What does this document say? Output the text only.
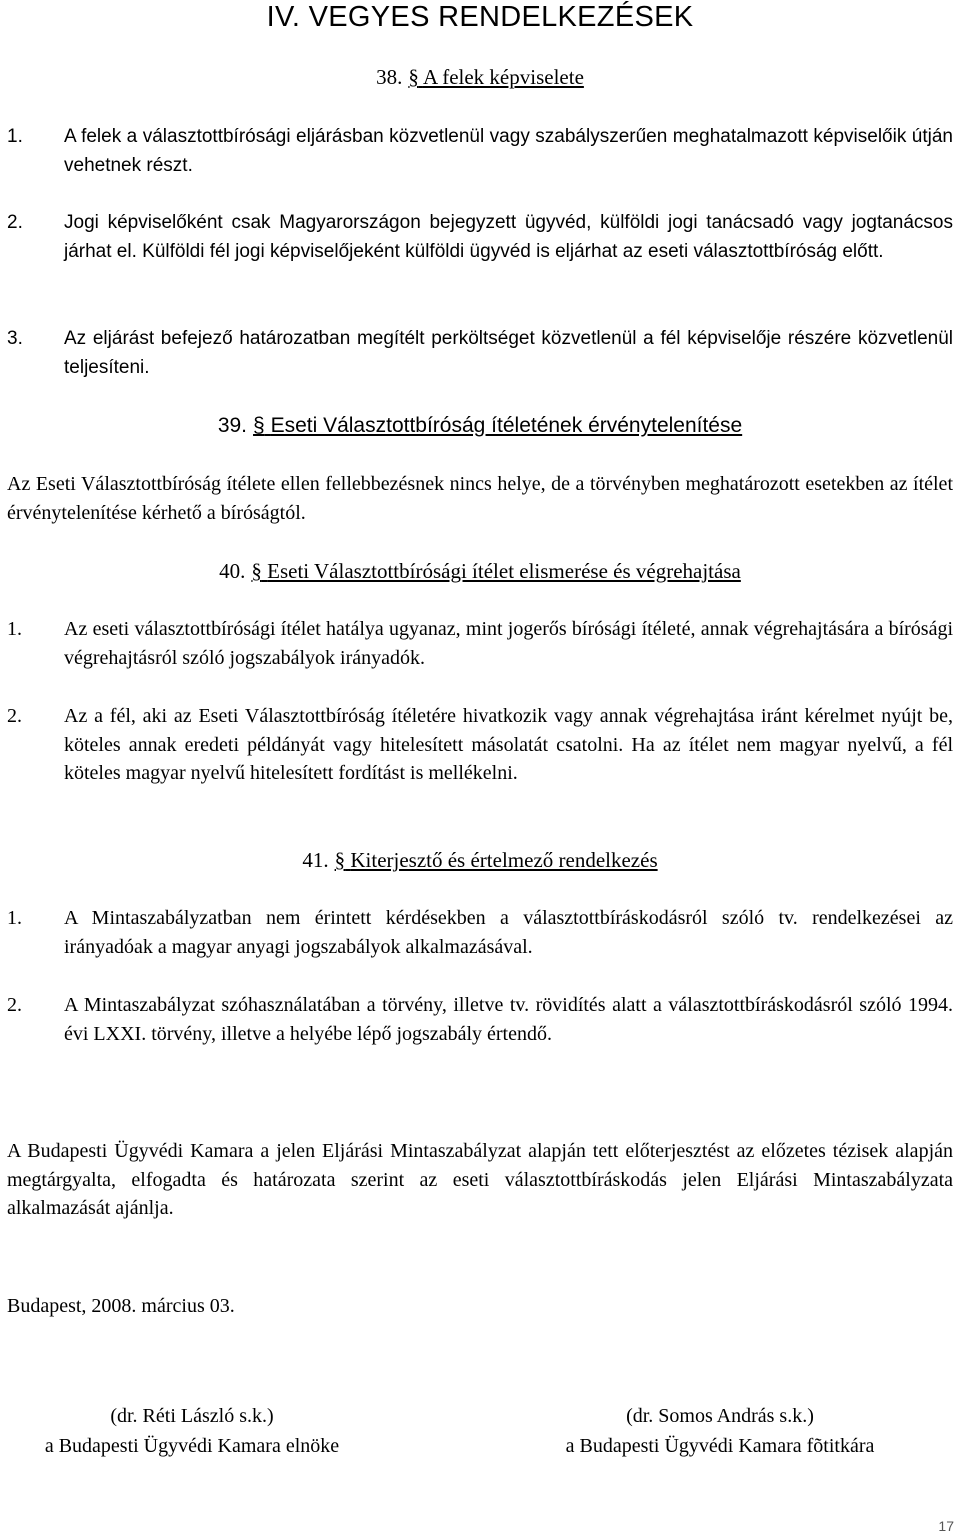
IV. VEGYES RENDELKEZÉSEK
38. § A felek képviselete
1. A felek a választottbírósági eljárásban közvetlenül vagy szabályszerűen meghatalmazott képviselőik útján vehetnek részt.
2. Jogi képviselőként csak Magyarországon bejegyzett ügyvéd, külföldi jogi tanácsadó vagy jogtanácsos járhat el. Külföldi fél jogi képviselőjeként külföldi ügyvéd is eljárhat az eseti választottbíróság előtt.
3. Az eljárást befejező határozatban megítélt perköltséget közvetlenül a fél képviselője részére közvetlenül teljesíteni.
39. § Eseti Választottbíróság ítéletének érvénytelenítése
Az Eseti Választottbíróság ítélete ellen fellebbezésnek nincs helye, de a törvényben meghatározott esetekben az ítélet érvénytelenítése kérhető a bíróságtól.
40. § Eseti Választottbírósági ítélet elismerése és végrehajtása
1. Az eseti választottbírósági ítélet hatálya ugyanaz, mint jogerős bírósági ítéleté, annak végrehajtására a bírósági végrehajtásról szóló jogszabályok irányadók.
2. Az a fél, aki az Eseti Választottbíróság ítéletére hivatkozik vagy annak végrehajtása iránt kérelmet nyújt be, köteles annak eredeti példányát vagy hitelesített másolatát csatolni. Ha az ítélet nem magyar nyelvű, a fél köteles magyar nyelvű hitelesített fordítást is mellékelni.
41. § Kiterjesztő és értelmező rendelkezés
1. A Mintaszabályzatban nem érintett kérdésekben a választottbíráskodásról szóló tv. rendelkezései az irányadóak a magyar anyagi jogszabályok alkalmazásával.
2. A Mintaszabályzat szóhasználatában a törvény, illetve tv. rövidítés alatt a választottbíráskodásról szóló 1994. évi LXXI. törvény, illetve a helyébe lépő jogszabály értendő.
A Budapesti Ügyvédi Kamara a jelen Eljárási Mintaszabályzat alapján tett előterjesztést az előzetes tézisek alapján megtárgyalta, elfogadta és határozata szerint az eseti választottbíráskodás jelen Eljárási Mintaszabályzata alkalmazását ajánlja.
Budapest, 2008. március 03.
(dr. Réti László s.k.)
a Budapesti Ügyvédi Kamara elnöke
(dr. Somos András s.k.)
a Budapesti Ügyvédi Kamara fõtitkára
17
